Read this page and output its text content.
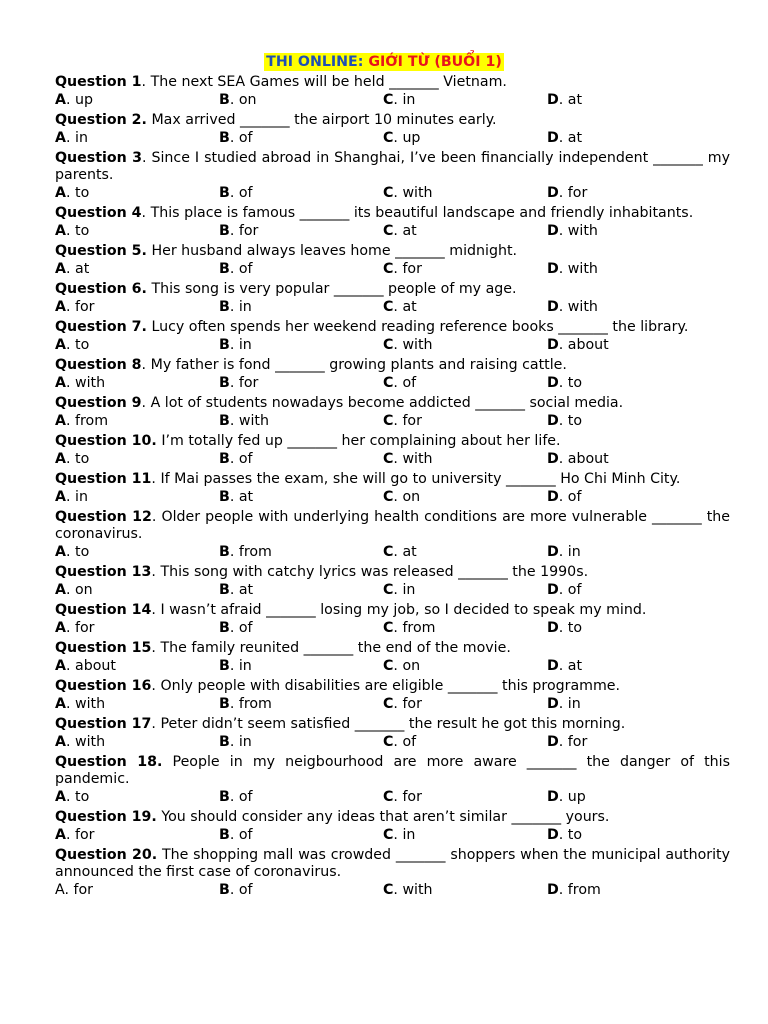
THI ONLINE: GIỚI TỪ (BUỔI 1)
Question 1. The next SEA Games will be held _______ Vietnam.
A. up	B. on	C. in	D. at
Question 2. Max arrived _______ the airport 10 minutes early.
A. in	B. of	C. up	D. at
Question 3. Since I studied abroad in Shanghai, I’ve been financially independent _______ my parents.
A. to	B. of	C. with	D. for
Question 4. This place is famous _______ its beautiful landscape and friendly inhabitants.
A. to	B. for	C. at	D. with
Question 5. Her husband always leaves home _______ midnight.
A. at	B. of	C. for	D. with
Question 6. This song is very popular _______ people of my age.
A. for	B. in	C. at	D. with
Question 7. Lucy often spends her weekend reading reference books _______ the library.
A. to	B. in	C. with	D. about
Question 8. My father is fond _______ growing plants and raising cattle.
A. with	B. for	C. of	D. to
Question 9. A lot of students nowadays become addicted _______ social media.
A. from	B. with	C. for	D. to
Question 10. I’m totally fed up _______ her complaining about her life.
A. to	B. of	C. with	D. about
Question 11. If Mai passes the exam, she will go to university _______ Ho Chi Minh City.
A. in	B. at	C. on	D. of
Question 12. Older people with underlying health conditions are more vulnerable _______ the coronavirus.
A. to	B. from	C. at	D. in
Question 13. This song with catchy lyrics was released _______ the 1990s.
A. on	B. at	C. in	D. of
Question 14. I wasn’t afraid _______ losing my job, so I decided to speak my mind.
A. for	B. of	C. from	D. to
Question 15. The family reunited _______ the end of the movie.
A. about	B. in	C. on	D. at
Question 16. Only people with disabilities are eligible _______ this programme.
A. with	B. from	C. for	D. in
Question 17. Peter didn’t seem satisfied _______ the result he got this morning.
A. with	B. in	C. of	D. for
Question 18. People in my neigbourhood are more aware _______ the danger of this pandemic.
A. to	B. of	C. for	D. up
Question 19. You should consider any ideas that aren’t similar _______ yours.
A. for	B. of	C. in	D. to
Question 20. The shopping mall was crowded _______ shoppers when the municipal authority announced the first case of coronavirus.
A. for	B. of	C. with	D. from
